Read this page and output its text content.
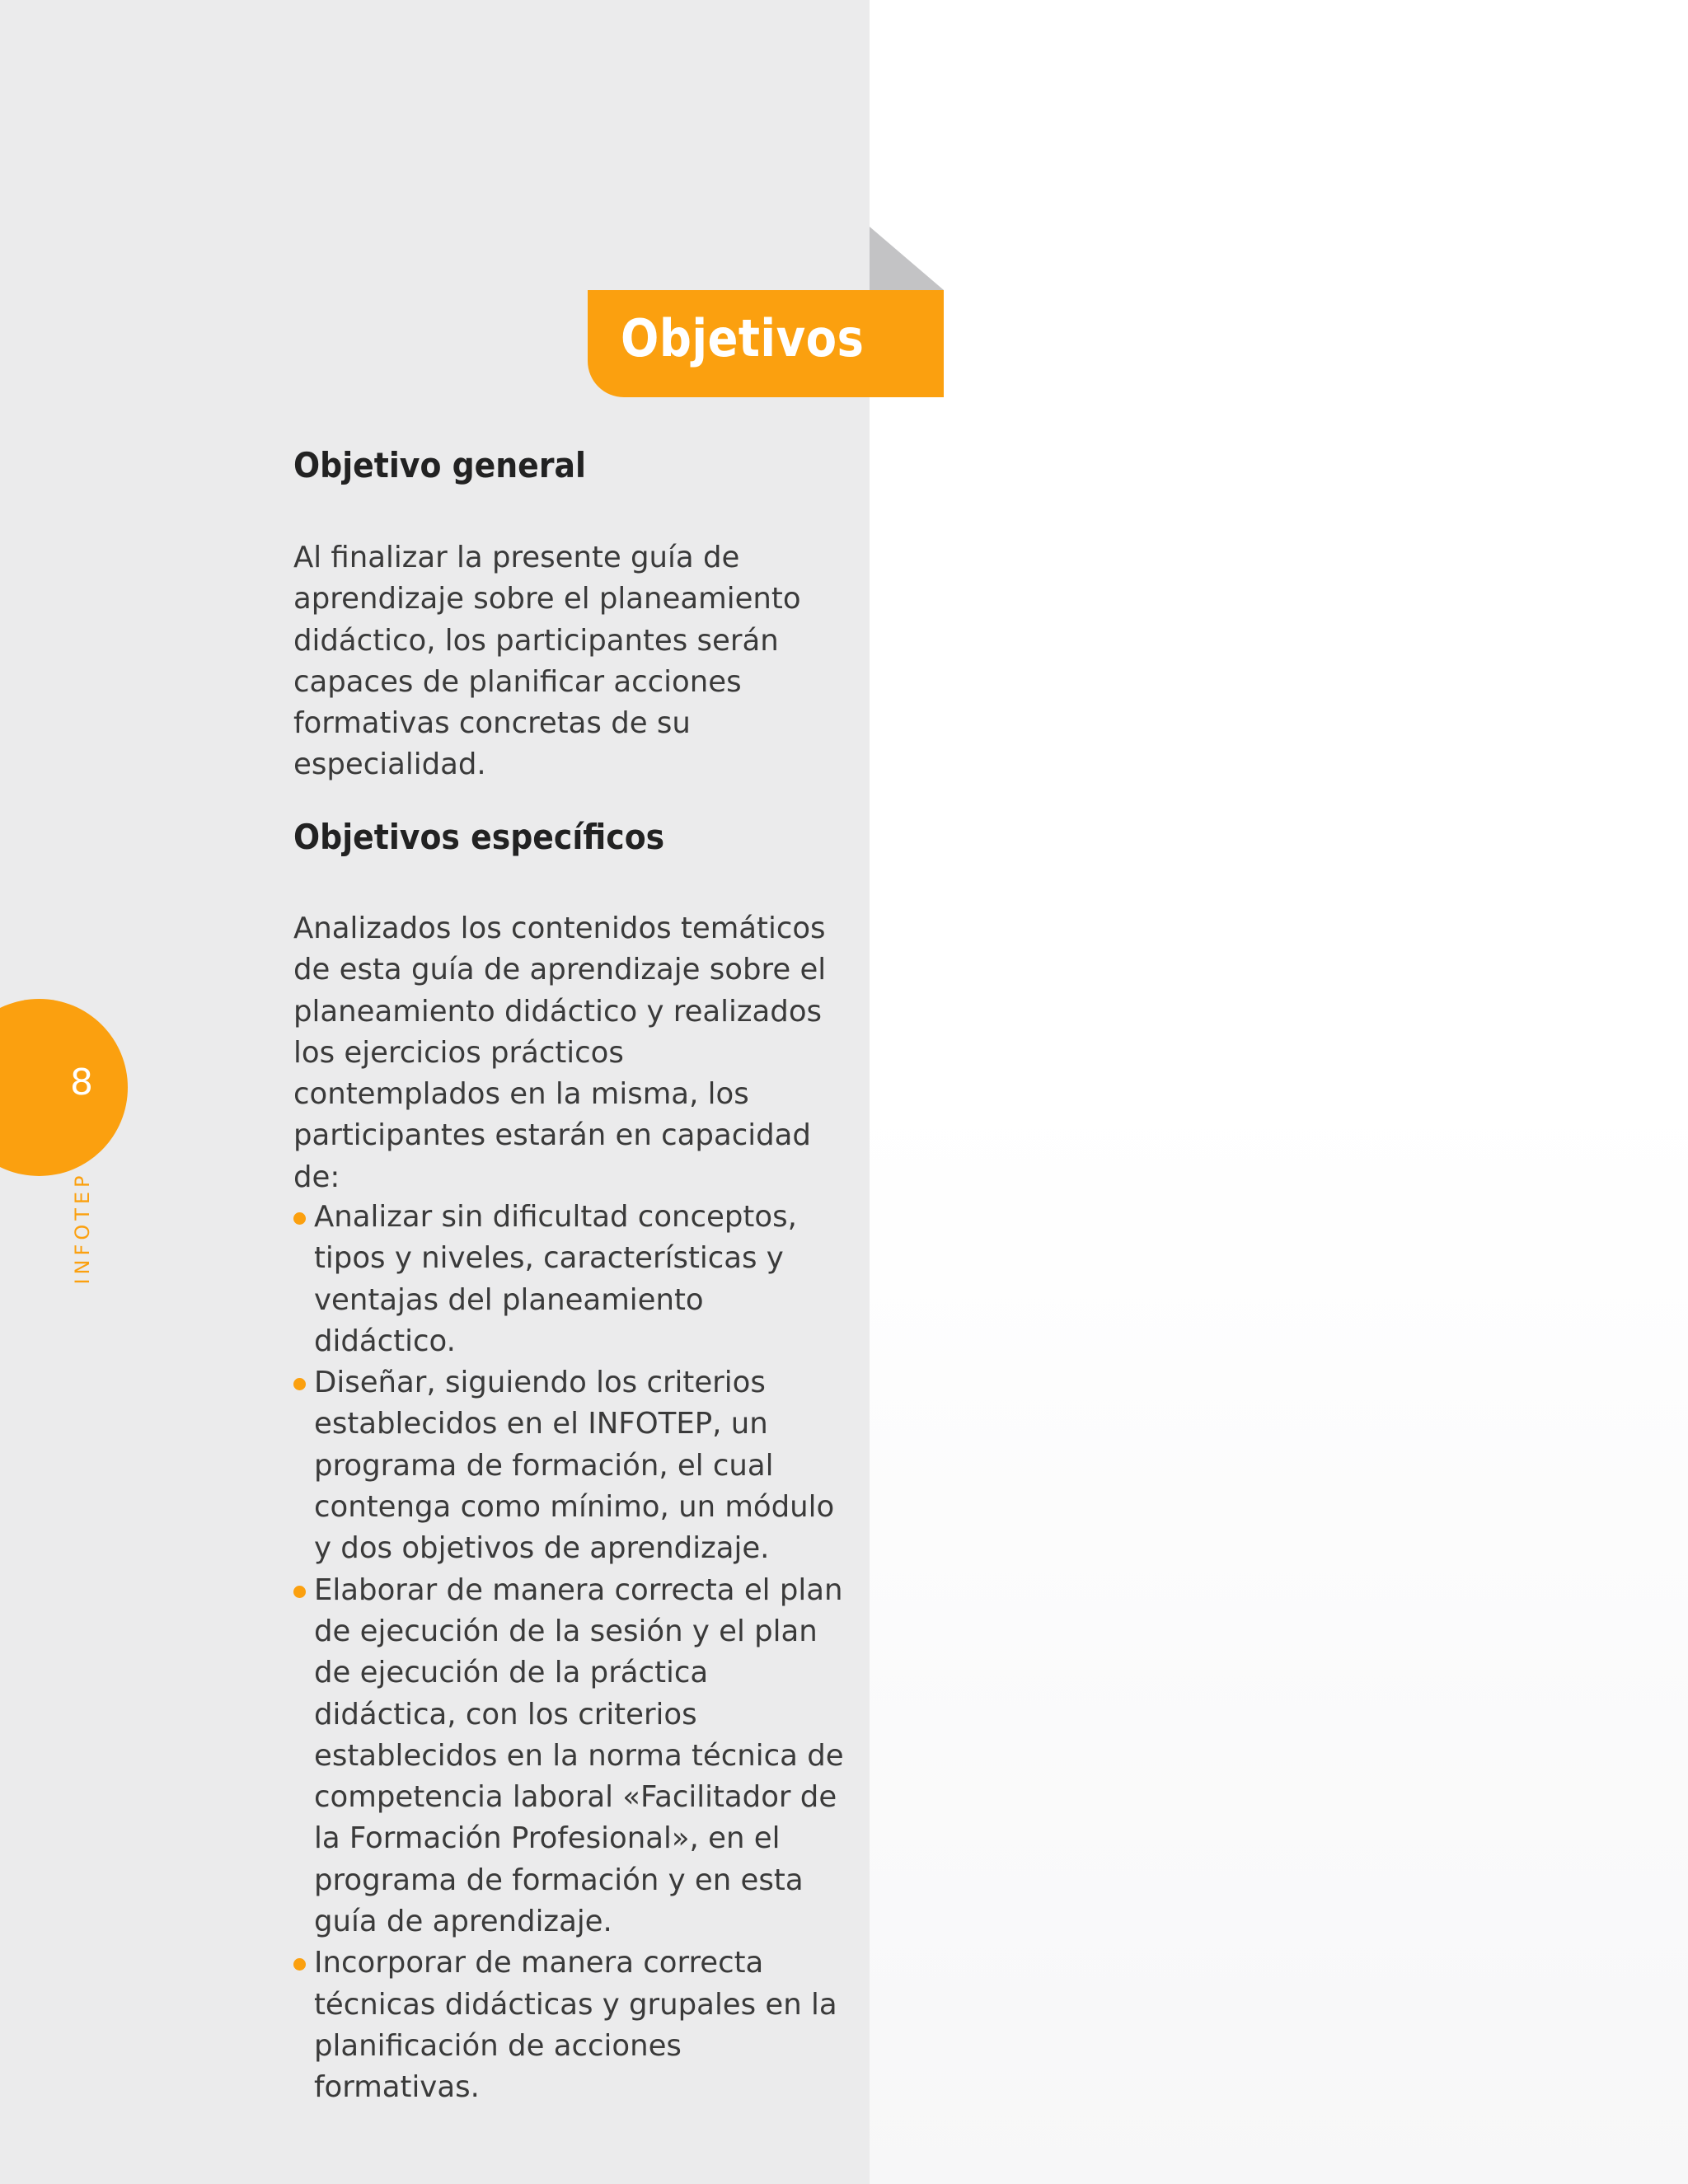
Objetivos
Objetivo general

Al finalizar la presente guía de aprendizaje sobre el planeamiento didáctico, los participantes serán capaces de planificar acciones formativas concretas de su especialidad.

Objetivos específicos

Analizados los contenidos temáticos de esta guía de aprendizaje sobre el planeamiento didáctico y realizados los ejercicios prácticos contemplados en la misma, los participantes estarán en capacidad de:

Analizar sin dificultad conceptos, tipos y niveles, características y ventajas del planeamiento didáctico.
Diseñar, siguiendo los criterios establecidos en el INFOTEP, un programa de formación, el cual contenga como mínimo, un módulo y dos objetivos de aprendizaje.
Elaborar de manera correcta el plan de ejecución de la sesión y el plan de ejecución de la práctica didáctica, con los criterios establecidos en la norma técnica de competencia laboral «Facilitador de la Formación Profesional», en el programa de formación y en esta guía de aprendizaje.
Incorporar de manera correcta técnicas didácticas y grupales en la planificación de acciones formativas.
8
INFOTEP
